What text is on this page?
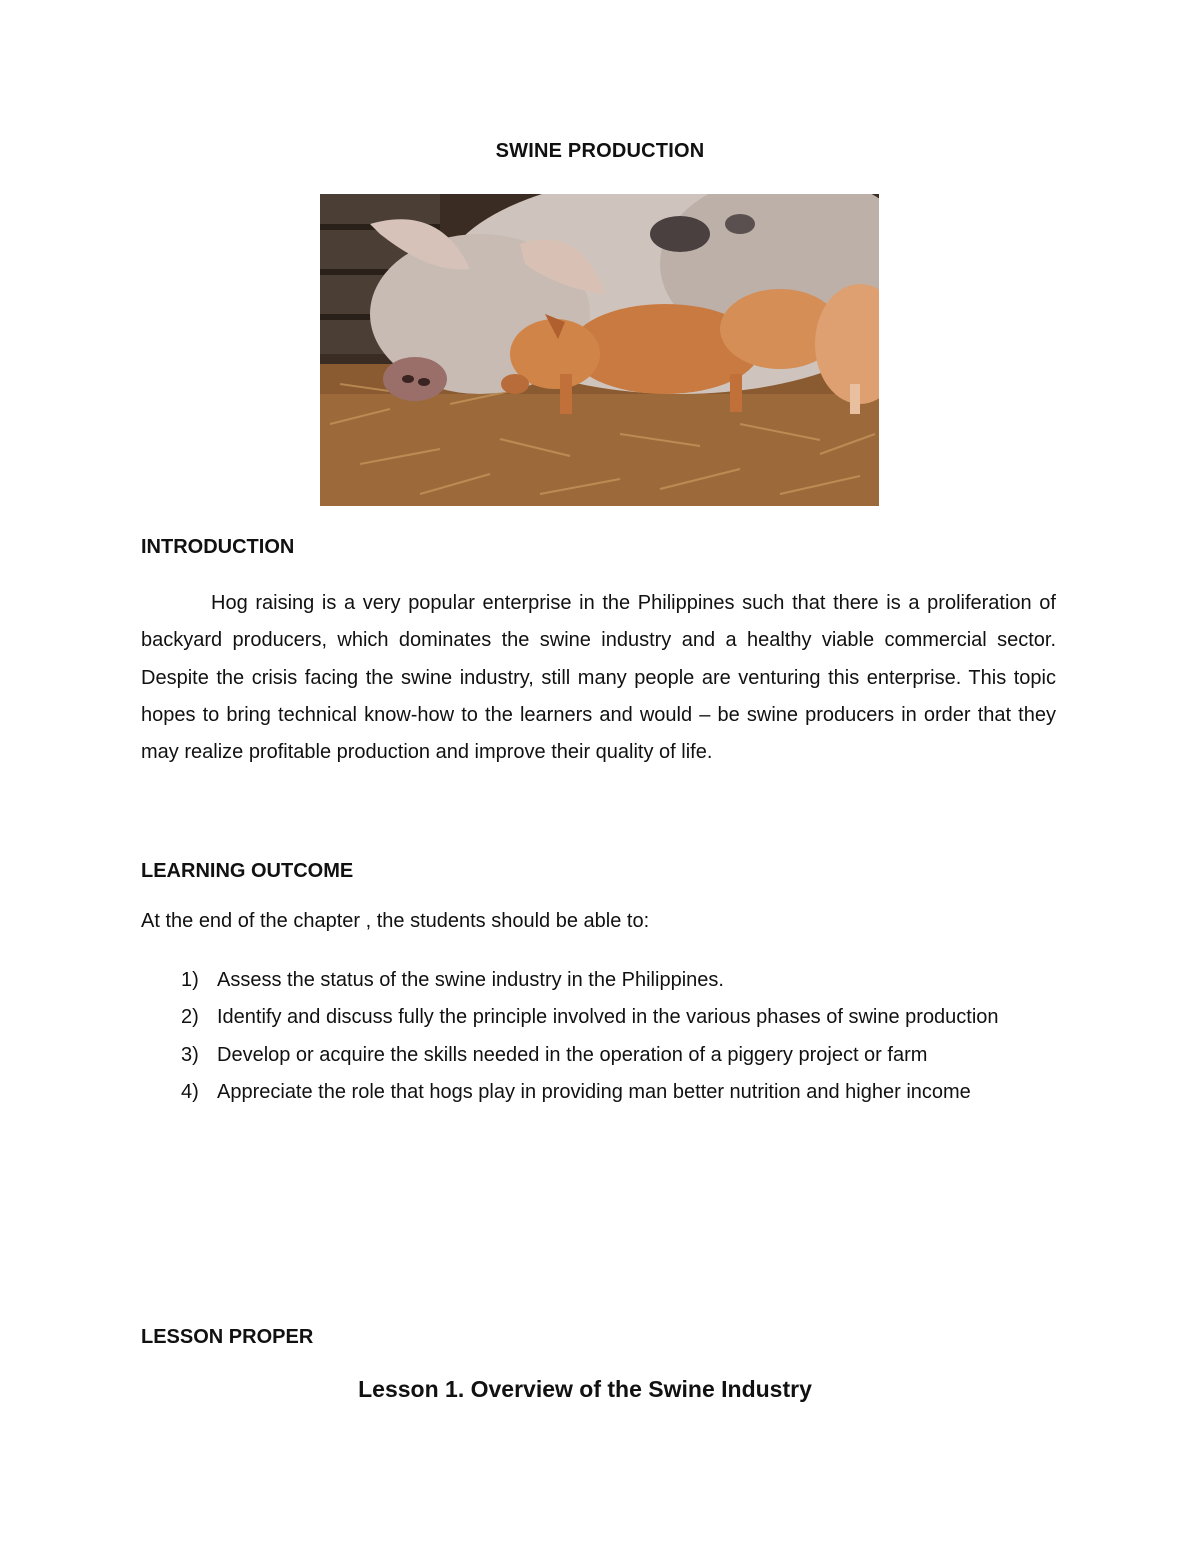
SWINE PRODUCTION
INTRODUCTION
Hog raising is a very popular enterprise in the Philippines such that there is a proliferation of backyard producers, which dominates the swine industry and a healthy viable commercial sector. Despite the crisis facing the swine industry, still many people are venturing this enterprise. This topic hopes to bring technical know-how to the learners and would – be swine producers in order that they may realize profitable production and improve their quality of life.
LEARNING OUTCOME
At the end of the chapter , the students should be able to:
1) Assess the status of the swine industry in the Philippines.
2) Identify and discuss fully the principle involved in the various phases of swine production
3) Develop or acquire the skills needed in the operation of a piggery project or farm
4) Appreciate the role that hogs play in providing man better nutrition and higher income
LESSON PROPER
Lesson 1. Overview of the Swine Industry
